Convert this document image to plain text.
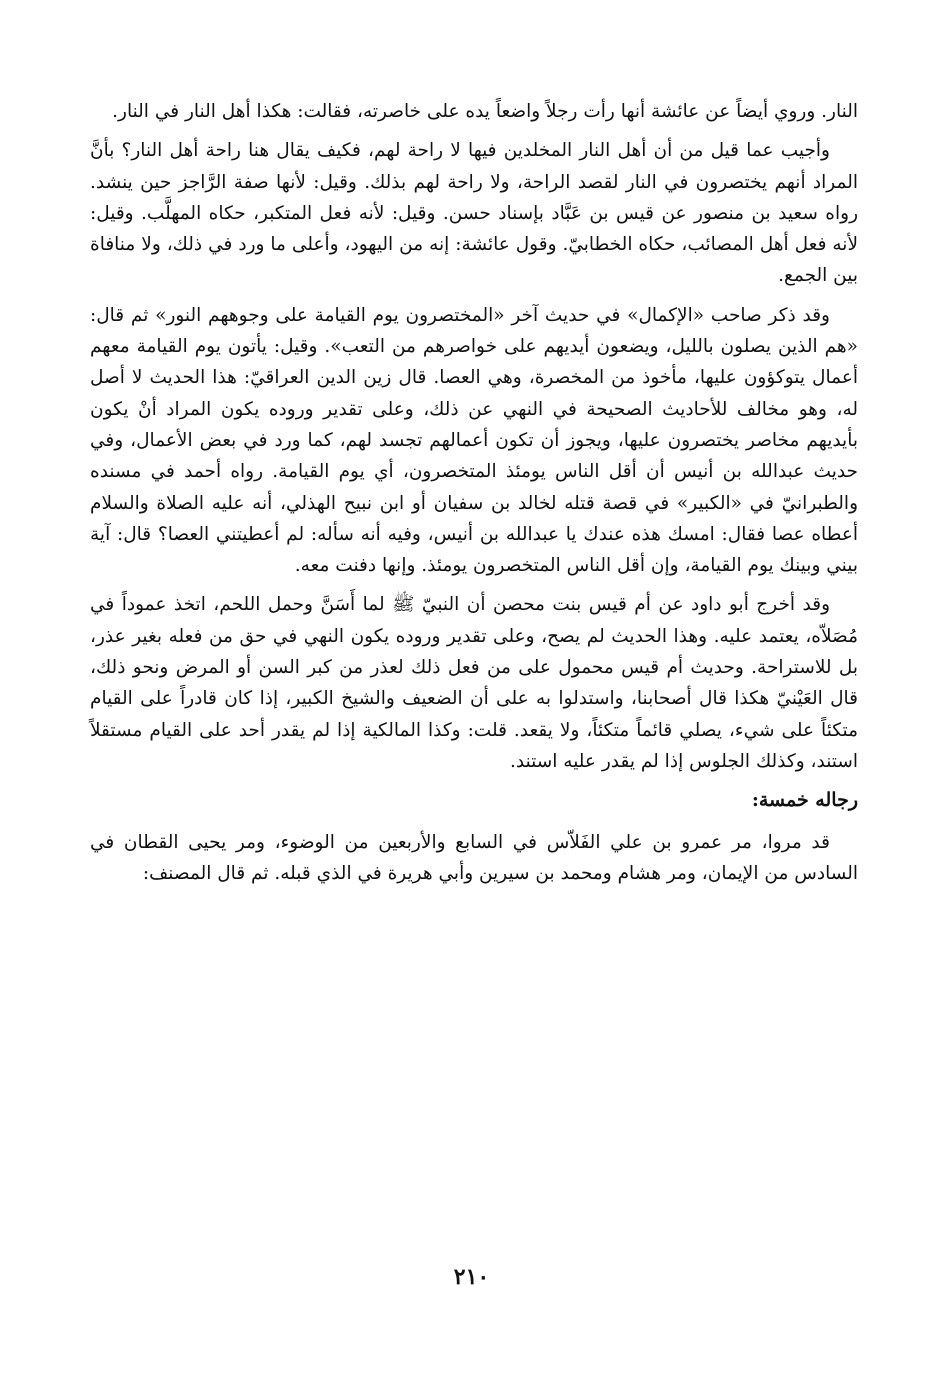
النار. وروي أيضاً عن عائشة أنها رأت رجلاً واضعاً يده على خاصرته، فقالت: هكذا أهل النار في النار.

وأجيب عما قيل من أن أهل النار المخلدين فيها لا راحة لهم، فكيف يقال هنا راحة أهل النار؟ بأنَّ المراد أنهم يختصرون في النار لقصد الراحة، ولا راحة لهم بذلك. وقيل: لأنها صفة الرَّاجز حين ينشد. رواه سعيد بن منصور عن قيس بن عَبَّاد بإسناد حسن. وقيل: لأنه فعل المتكبر، حكاه المهلَّب. وقيل: لأنه فعل أهل المصائب، حكاه الخطابيّ. وقول عائشة: إنه من اليهود، وأعلى ما ورد في ذلك، ولا منافاة بين الجمع.

وقد ذكر صاحب «الإكمال» في حديث آخر «المختصرون يوم القيامة على وجوههم النور» ثم قال: «هم الذين يصلون بالليل، ويضعون أيديهم على خواصرهم من التعب». وقيل: يأتون يوم القيامة معهم أعمال يتوكؤون عليها، مأخوذ من المخصرة، وهي العصا. قال زين الدين العراقيّ: هذا الحديث لا أصل له، وهو مخالف للأحاديث الصحيحة في النهي عن ذلك، وعلى تقدير وروده يكون المراد أنْ يكون بأيديهم مخاصر يختصرون عليها، ويجوز أن تكون أعمالهم تجسد لهم، كما ورد في بعض الأعمال، وفي حديث عبدالله بن أنيس أن أقل الناس يومئذ المتخصرون، أي يوم القيامة. رواه أحمد في مسنده والطبرانيّ في «الكبير» في قصة قتله لخالد بن سفيان أو ابن نبيح الهذلي، أنه عليه الصلاة والسلام أعطاه عصا فقال: امسك هذه عندك يا عبدالله بن أنيس، وفيه أنه سأله: لم أعطيتني العصا؟ قال: آية بيني وبينك يوم القيامة، وإن أقل الناس المتخصرون يومئذ. وإنها دفنت معه.

وقد أخرج أبو داود عن أم قيس بنت محصن أن النبيّ ﷺ لما أَسَنَّ وحمل اللحم، اتخذ عموداً في مُصَلاّه، يعتمد عليه. وهذا الحديث لم يصح، وعلى تقدير وروده يكون النهي في حق من فعله بغير عذر، بل للاستراحة. وحديث أم قيس محمول على من فعل ذلك لعذر من كبر السن أو المرض ونحو ذلك، قال العَيْنيّ هكذا قال أصحابنا، واستدلوا به على أن الضعيف والشيخ الكبير، إذا كان قادراً على القيام متكئاً على شيء، يصلي قائماً متكئاً، ولا يقعد. قلت: وكذا المالكية إذا لم يقدر أحد على القيام مستقلاً استند، وكذلك الجلوس إذا لم يقدر عليه استند.

رجاله خمسة:

قد مروا، مر عمرو بن علي الفَلاّس في السابع والأربعين من الوضوء، ومر يحيى القطان في السادس من الإيمان، ومر هشام ومحمد بن سيرين وأبي هريرة في الذي قبله. ثم قال المصنف:

٢١٠
